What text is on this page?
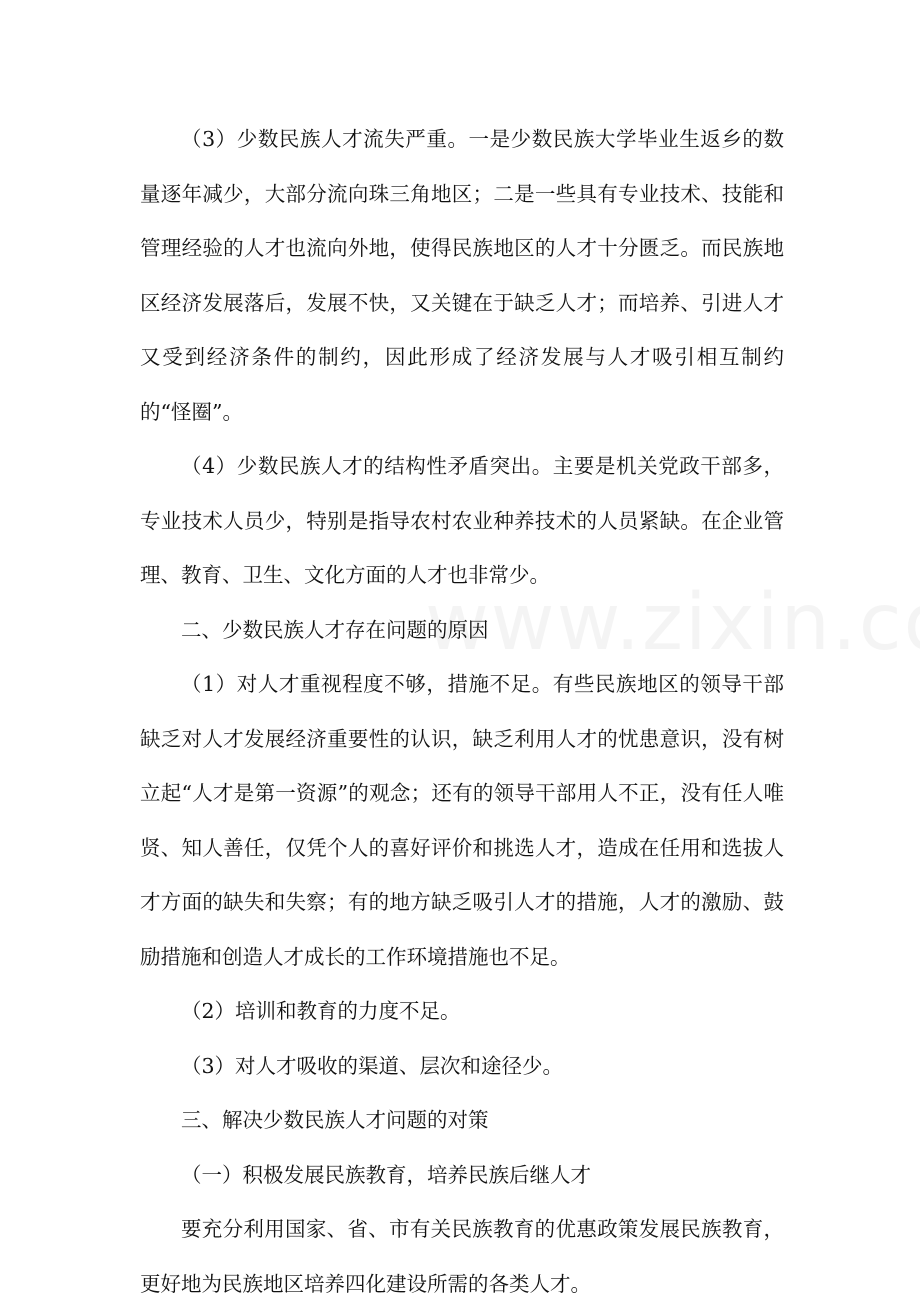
（3）少数民族人才流失严重。一是少数民族大学毕业生返乡的数量逐年减少，大部分流向珠三角地区；二是一些具有专业技术、技能和管理经验的人才也流向外地，使得民族地区的人才十分匮乏。而民族地区经济发展落后，发展不快，又关键在于缺乏人才；而培养、引进人才又受到经济条件的制约，因此形成了经济发展与人才吸引相互制约的“怪圈”。

（4）少数民族人才的结构性矛盾突出。主要是机关党政干部多，专业技术人员少，特别是指导农村农业种养技术的人员紧缺。在企业管理、教育、卫生、文化方面的人才也非常少。

二、少数民族人才存在问题的原因

（1）对人才重视程度不够，措施不足。有些民族地区的领导干部缺乏对人才发展经济重要性的认识，缺乏利用人才的忧患意识，没有树立起“人才是第一资源”的观念；还有的领导干部用人不正，没有任人唯贤、知人善任，仅凭个人的喜好评价和挑选人才，造成在任用和选拔人才方面的缺失和失察；有的地方缺乏吸引人才的措施，人才的激励、鼓励措施和创造人才成长的工作环境措施也不足。

（2）培训和教育的力度不足。

（3）对人才吸收的渠道、层次和途径少。

三、解决少数民族人才问题的对策

（一）积极发展民族教育，培养民族后继人才

要充分利用国家、省、市有关民族教育的优惠政策发展民族教育，更好地为民族地区培养四化建设所需的各类人才。
